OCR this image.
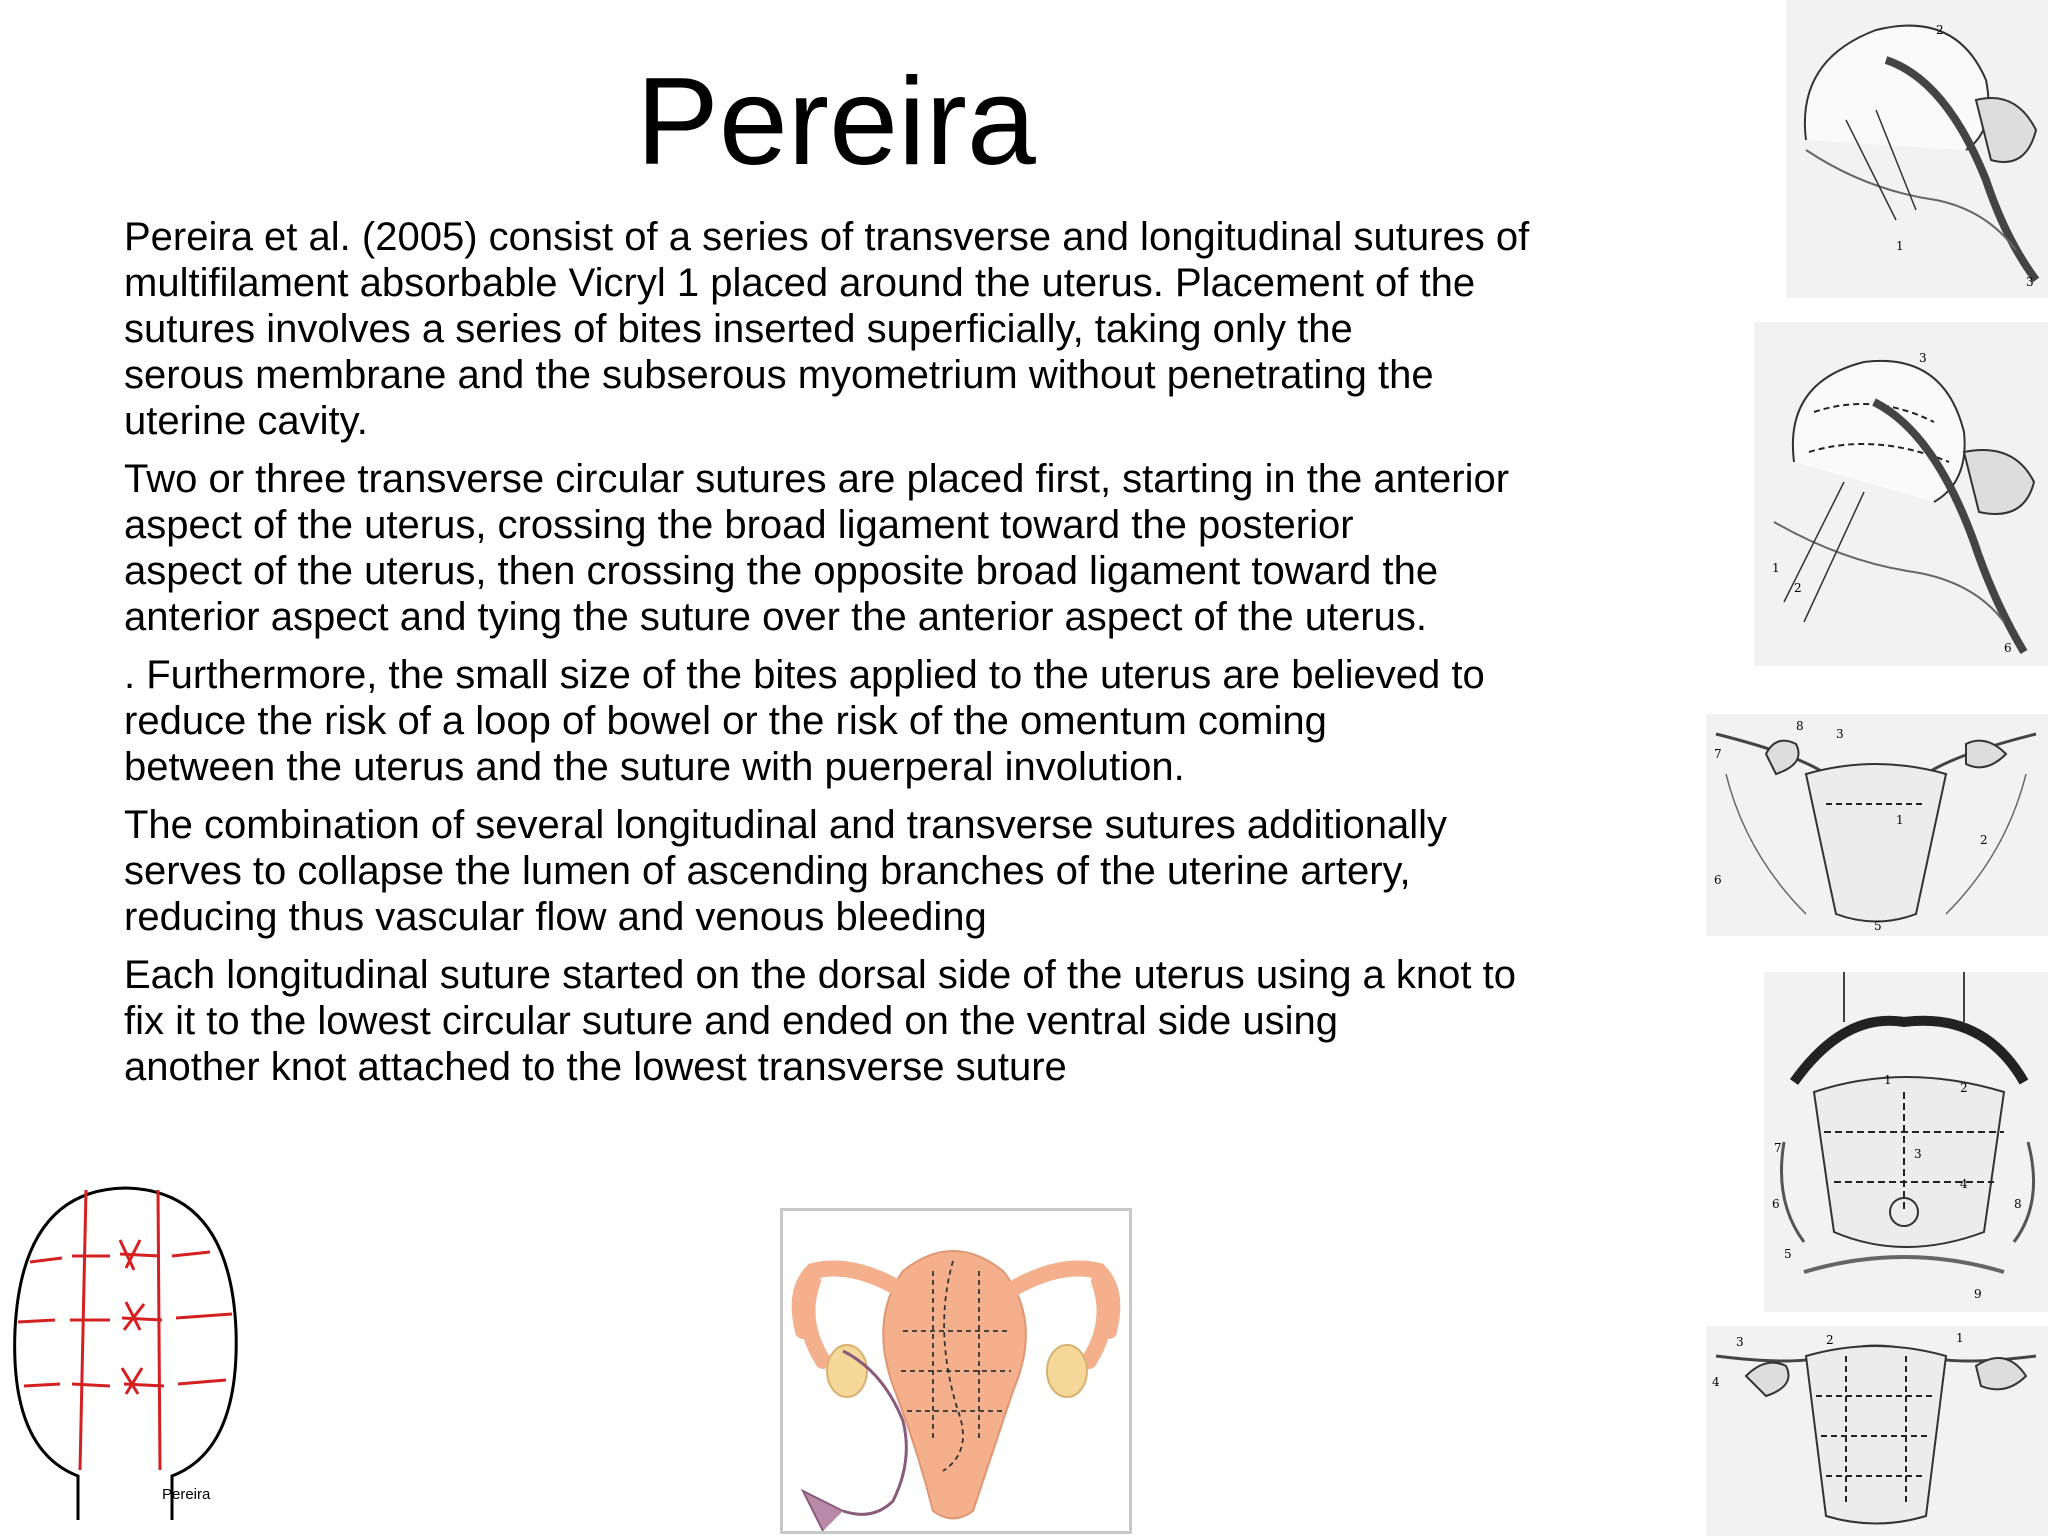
Pereira

Pereira et al. (2005) consist of a series of transverse and longitudinal sutures of
multifilament absorbable Vicryl 1 placed around the uterus. Placement of the
sutures involves a series of bites inserted superficially, taking only the
serous membrane and the subserous myometrium without penetrating the
uterine cavity.

Two or three transverse circular sutures are placed first, starting in the anterior
aspect of the uterus, crossing the broad ligament toward the posterior
aspect of the uterus, then crossing the opposite broad ligament toward the
anterior aspect and tying the suture over the anterior aspect of the uterus.

. Furthermore, the small size of the bites applied to the uterus are believed to
reduce the risk of a loop of bowel or the risk of the omentum coming
between the uterus and the suture with puerperal involution.

The combination of several longitudinal and transverse sutures additionally
serves to collapse the lumen of ascending branches of the uterine artery,
reducing thus vascular flow and venous bleeding

Each longitudinal suture started on the dorsal side of the uterus using a knot to
fix it to the lowest circular suture and ended on the ventral side using
another knot attached to the lowest transverse suture

2
1
3
3
1
2
6
8
3
7
6
1
2
5
1
2
3
4
5
6
7
8
9
3	2	1
4
Pereira
